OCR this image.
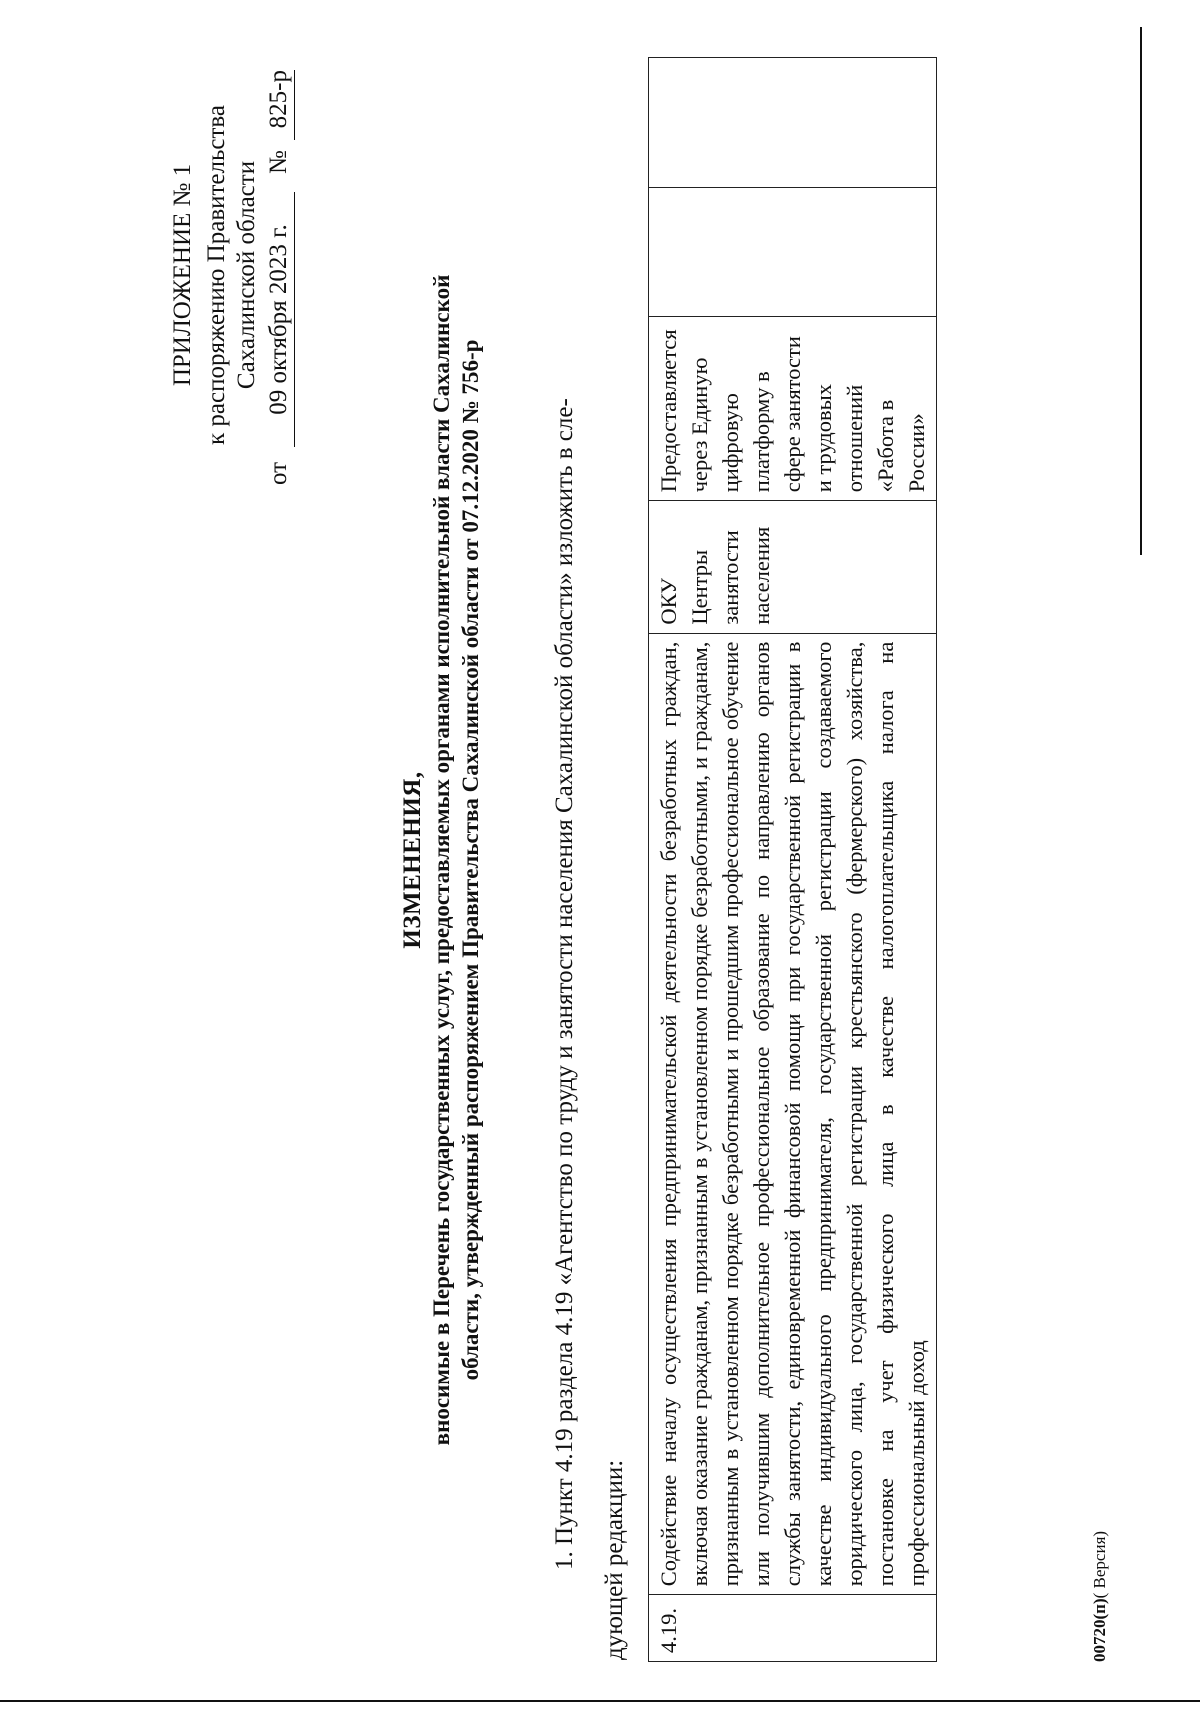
ПРИЛОЖЕНИЕ № 1 к распоряжению Правительства Сахалинской области
от
09 октября 2023 г.
№
825-р
ИЗМЕНЕНИЯ, вносимые в Перечень государственных услуг, предоставляемых органами исполнительной власти Сахалинской области, утвержденный распоряжением Правительства Сахалинской области от 07.12.2020 № 756-р	1. Пункт 4.19 раздела 4.19 «Агентство по труду и занятости населения Сахалинской области» изложить в сле- дующей редакции:	4.19.	Содействие началу осуществления предпринимательской деятельности безработных граждан, включая оказание гражданам, признанным в установленном порядке безработными, и гражданам, признанным в установленном порядке безработными и прошедшим профессиональное обучение или получившим дополнительное профессиональное образование по направлению органов службы занятости, единовременной финансовой помощи при государственной регистрации в качестве индивидуального предпринимателя, государственной регистрации создаваемого юридического лица, государственной регистрации крестьянского (фермерского) хозяйства, постановке на учет физического лица в качестве налогоплательщика налога на профессиональный доход	ОКУ Центры занятости населения	Предоставляется через Единую цифровую платформу в сфере занятости и трудовых отношений «Работа в России»		
00720(п)( Версия)
